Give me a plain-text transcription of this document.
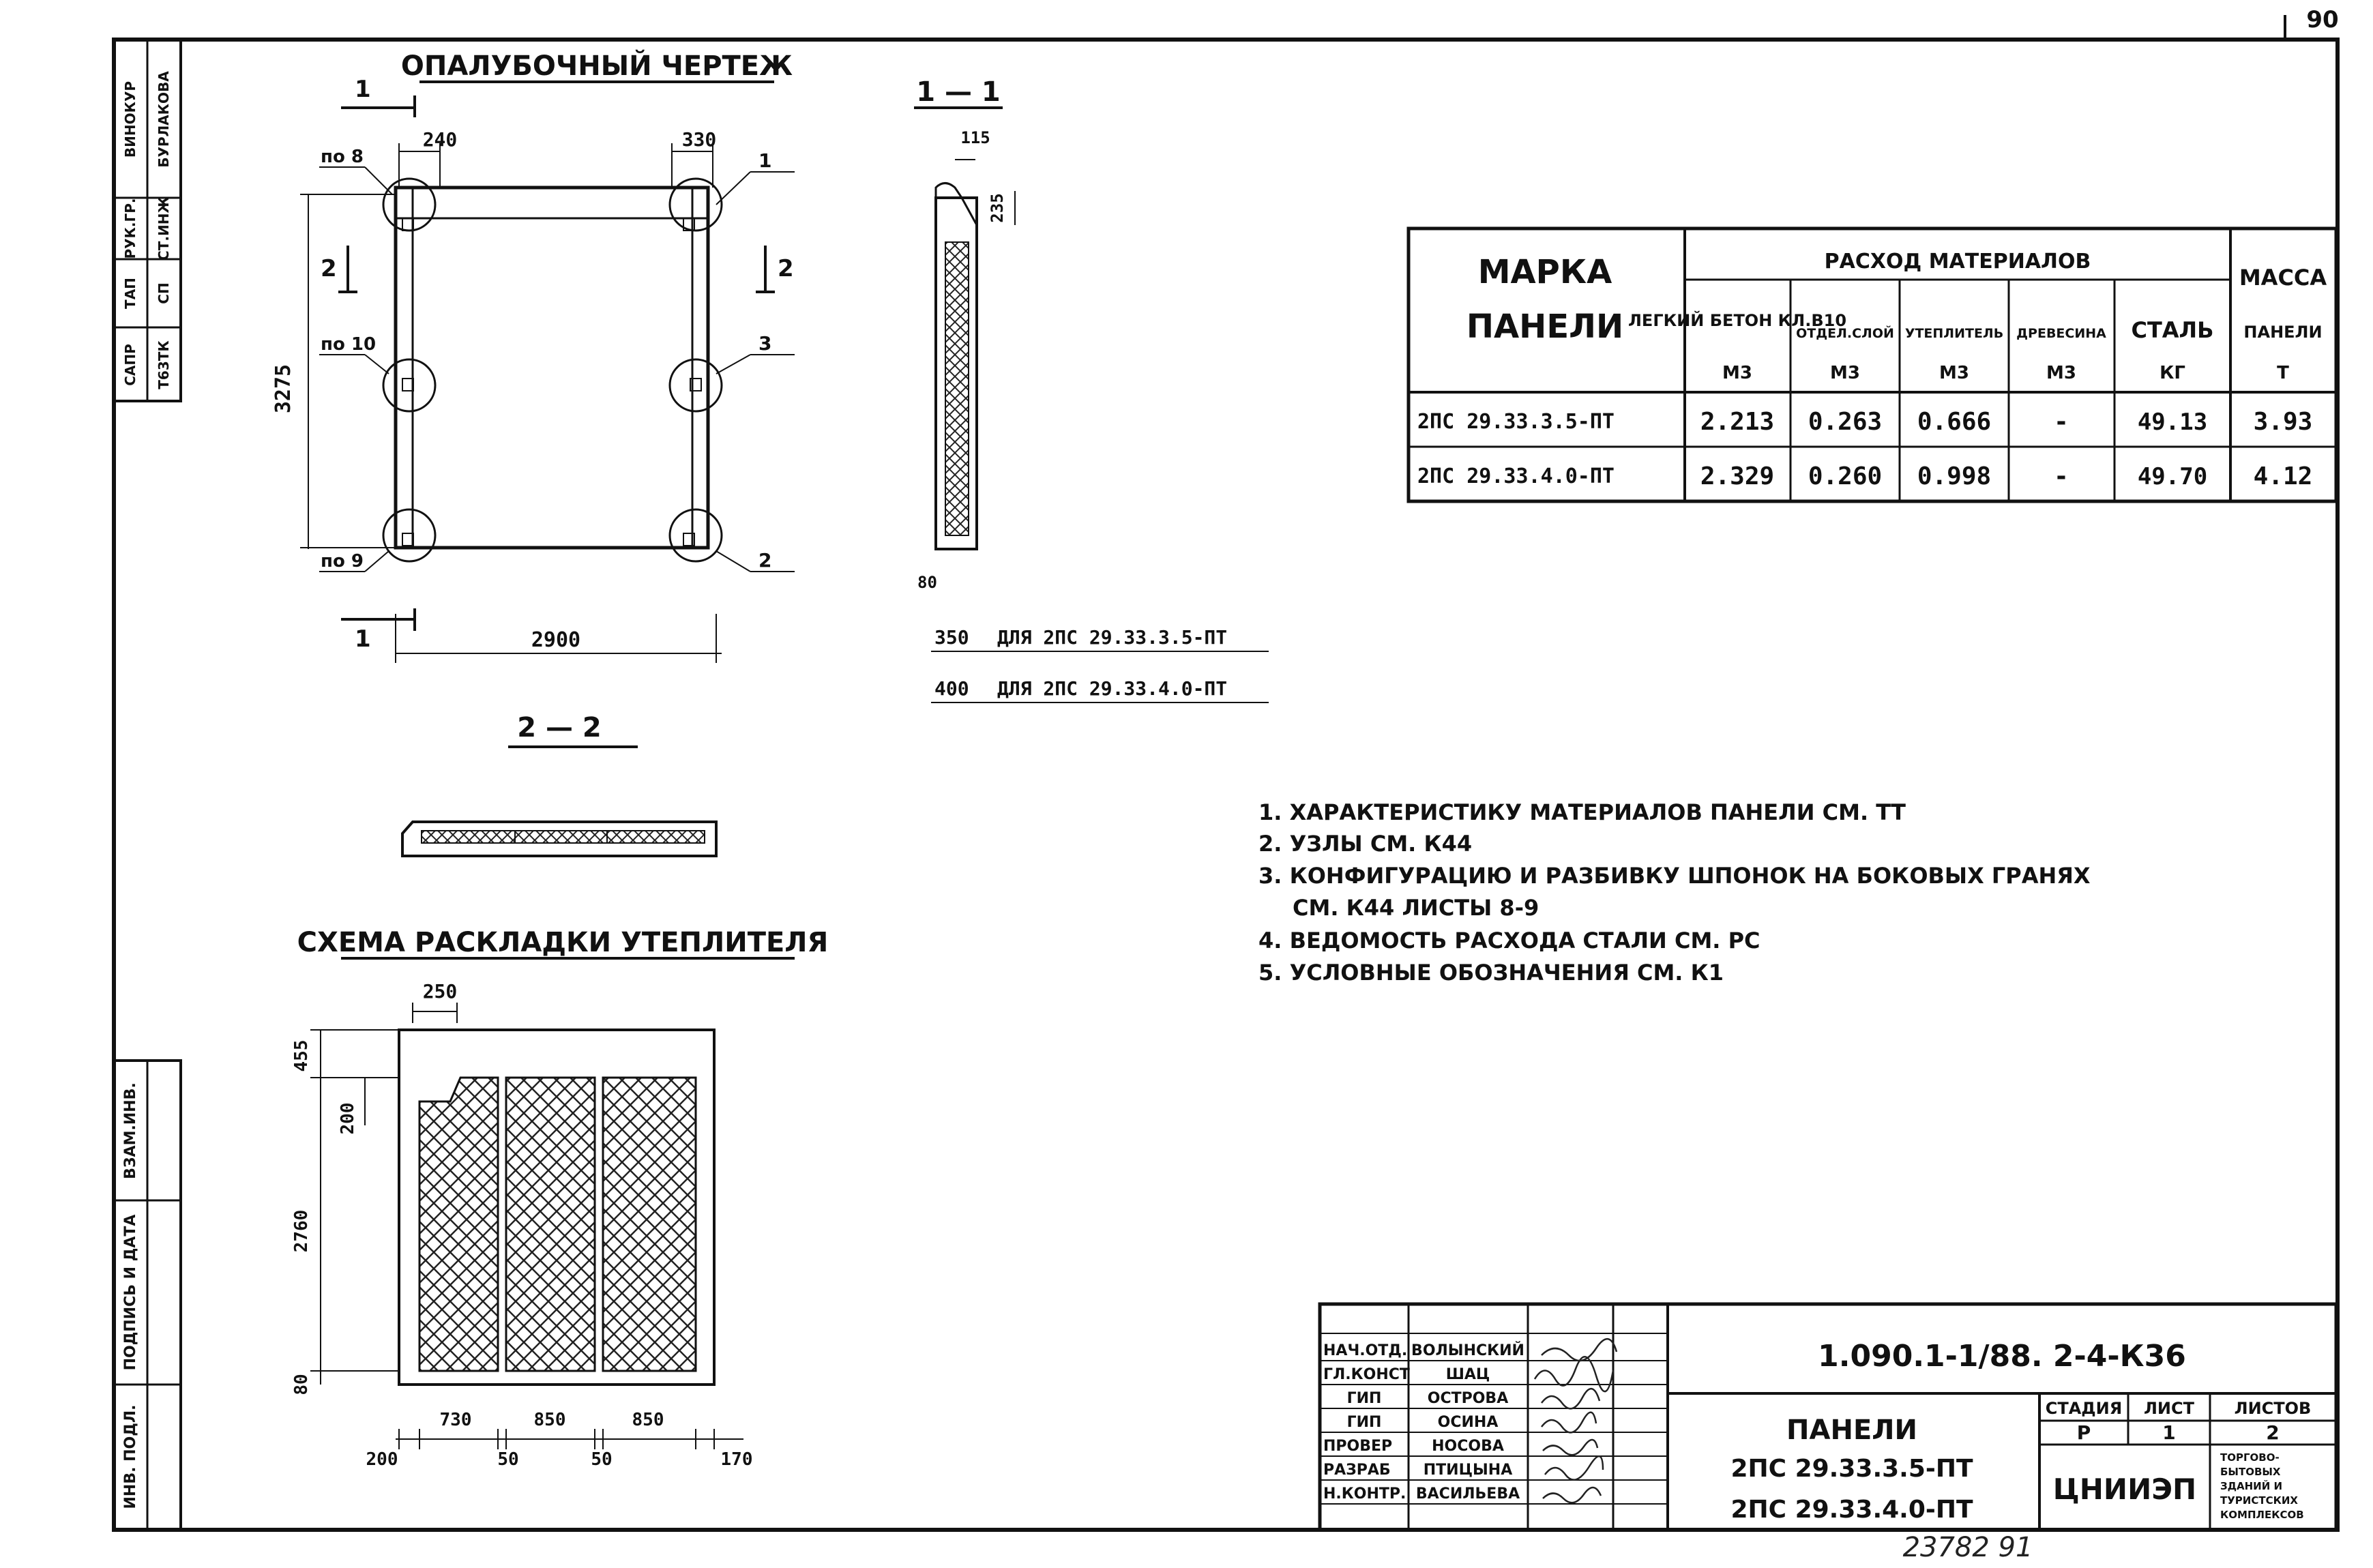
90
САПР Т63ТК
ТАП СП
РУК.ГР. СТ.ИНЖ
ВИНОКУР БУРЛАКОВА
ИНВ. ПОДЛ.
ПОДПИСЬ И ДАТА
ВЗАМ.ИНВ.
ОПАЛУБОЧНЫЙ ЧЕРТЕЖ
240	330
3275
2900
1
1
2	2
по 8
по 10
по 9
1
3
2
1 — 1
115
235
80
350 ДЛЯ 2ПС 29.33.3.5-ПТ
400 ДЛЯ 2ПС 29.33.4.0-ПТ
2 — 2
СХЕМА РАСКЛАДКИ УТЕПЛИТЕЛЯ
250
455
200
2760
80
730	850	850
200	50	50	170
МАРКА ПАНЕЛИ
РАСХОД МАТЕРИАЛОВ
МАССА
ЛЕГКИЙ БЕТОН КЛ.В10
М3
ОТДЕЛ.СЛОЙ
М3
УТЕПЛИТЕЛЬ
М3
ДРЕВЕСИНА
М3
СТАЛЬ
КГ
ПАНЕЛИ
Т
2ПС 29.33.3.5-ПТ	2.213 0.263 0.666	-	49.13 3.93
2ПС 29.33.4.0-ПТ	2.329 0.260 0.998	-	49.70 4.12
1. ХАРАКТЕРИСТИКУ МАТЕРИАЛОВ ПАНЕЛИ СМ. ТТ
2. УЗЛЫ СМ. К44
3. КОНФИГУРАЦИЮ И РАЗБИВКУ ШПОНОК НА БОКОВЫХ ГРАНЯХ
СМ. К44 ЛИСТЫ 8-9
4. ВЕДОМОСТЬ РАСХОДА СТАЛИ СМ. РС
5. УСЛОВНЫЕ ОБОЗНАЧЕНИЯ СМ. К1
НАЧ.ОТД. ВОЛЫНСКИЙ
ГЛ.КОНСТ ШАЦ
ГИП	ОСТРОВА
ГИП	ОСИНА
ПРОВЕР	НОСОВА
РАЗРАБ ПТИЦЫНА
Н.КОНТР. ВАСИЛЬЕВА
1.090.1-1/88. 2-4-К36
ПАНЕЛИ
2ПС 29.33.3.5-ПТ
2ПС 29.33.4.0-ПТ
СТАДИЯ ЛИСТ ЛИСТОВ
Р	1	2
ЦНИИЭП
ТОРГОВО-
БЫТОВЫХ
ЗДАНИЙ И
ТУРИСТСКИХ
КОМПЛЕКСОВ
23782 91
